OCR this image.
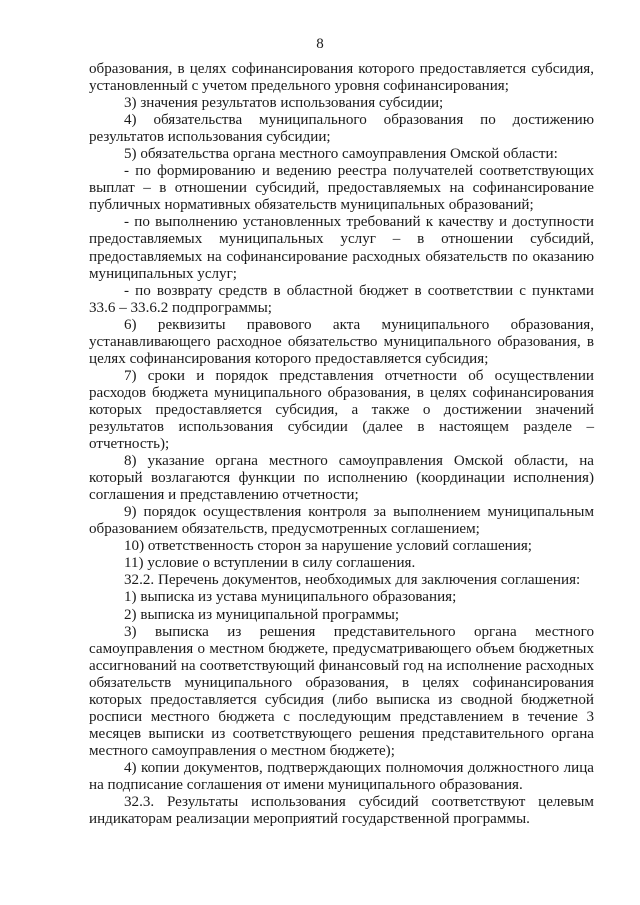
8

образования, в целях софинансирования которого предоставляется субсидия, установленный с учетом предельного уровня софинансирования;

3) значения результатов использования субсидии;

4) обязательства муниципального образования по достижению результатов использования субсидии;

5) обязательства органа местного самоуправления Омской области:

- по формированию и ведению реестра получателей соответствующих выплат – в отношении субсидий, предоставляемых на софинансирование публичных нормативных обязательств муниципальных образований;

- по выполнению установленных требований к качеству и доступности предоставляемых муниципальных услуг – в отношении субсидий, предоставляемых на софинансирование расходных обязательств по оказанию муниципальных услуг;

- по возврату средств в областной бюджет в соответствии с пунктами 33.6 – 33.6.2 подпрограммы;

6) реквизиты правового акта муниципального образования, устанавливающего расходное обязательство муниципального образования, в целях софинансирования которого предоставляется субсидия;

7) сроки и порядок представления отчетности об осуществлении расходов бюджета муниципального образования, в целях софинансирования которых предоставляется субсидия, а также о достижении значений результатов использования субсидии (далее в настоящем разделе – отчетность);

8) указание органа местного самоуправления Омской области, на который возлагаются функции по исполнению (координации исполнения) соглашения и представлению отчетности;

9) порядок осуществления контроля за выполнением муниципальным образованием обязательств, предусмотренных соглашением;

10) ответственность сторон за нарушение условий соглашения;

11) условие о вступлении в силу соглашения.

32.2. Перечень документов, необходимых для заключения соглашения:

1) выписка из устава муниципального образования;

2) выписка из муниципальной программы;

3) выписка из решения представительного органа местного самоуправления о местном бюджете, предусматривающего объем бюджетных ассигнований на соответствующий финансовый год на исполнение расходных обязательств муниципального образования, в целях софинансирования которых предоставляется субсидия (либо выписка из сводной бюджетной росписи местного бюджета с последующим представлением в течение 3 месяцев выписки из соответствующего решения представительного органа местного самоуправления о местном бюджете);

4) копии документов, подтверждающих полномочия должностного лица на подписание соглашения от имени муниципального образования.

32.3. Результаты использования субсидий соответствуют целевым индикаторам реализации мероприятий государственной программы.
